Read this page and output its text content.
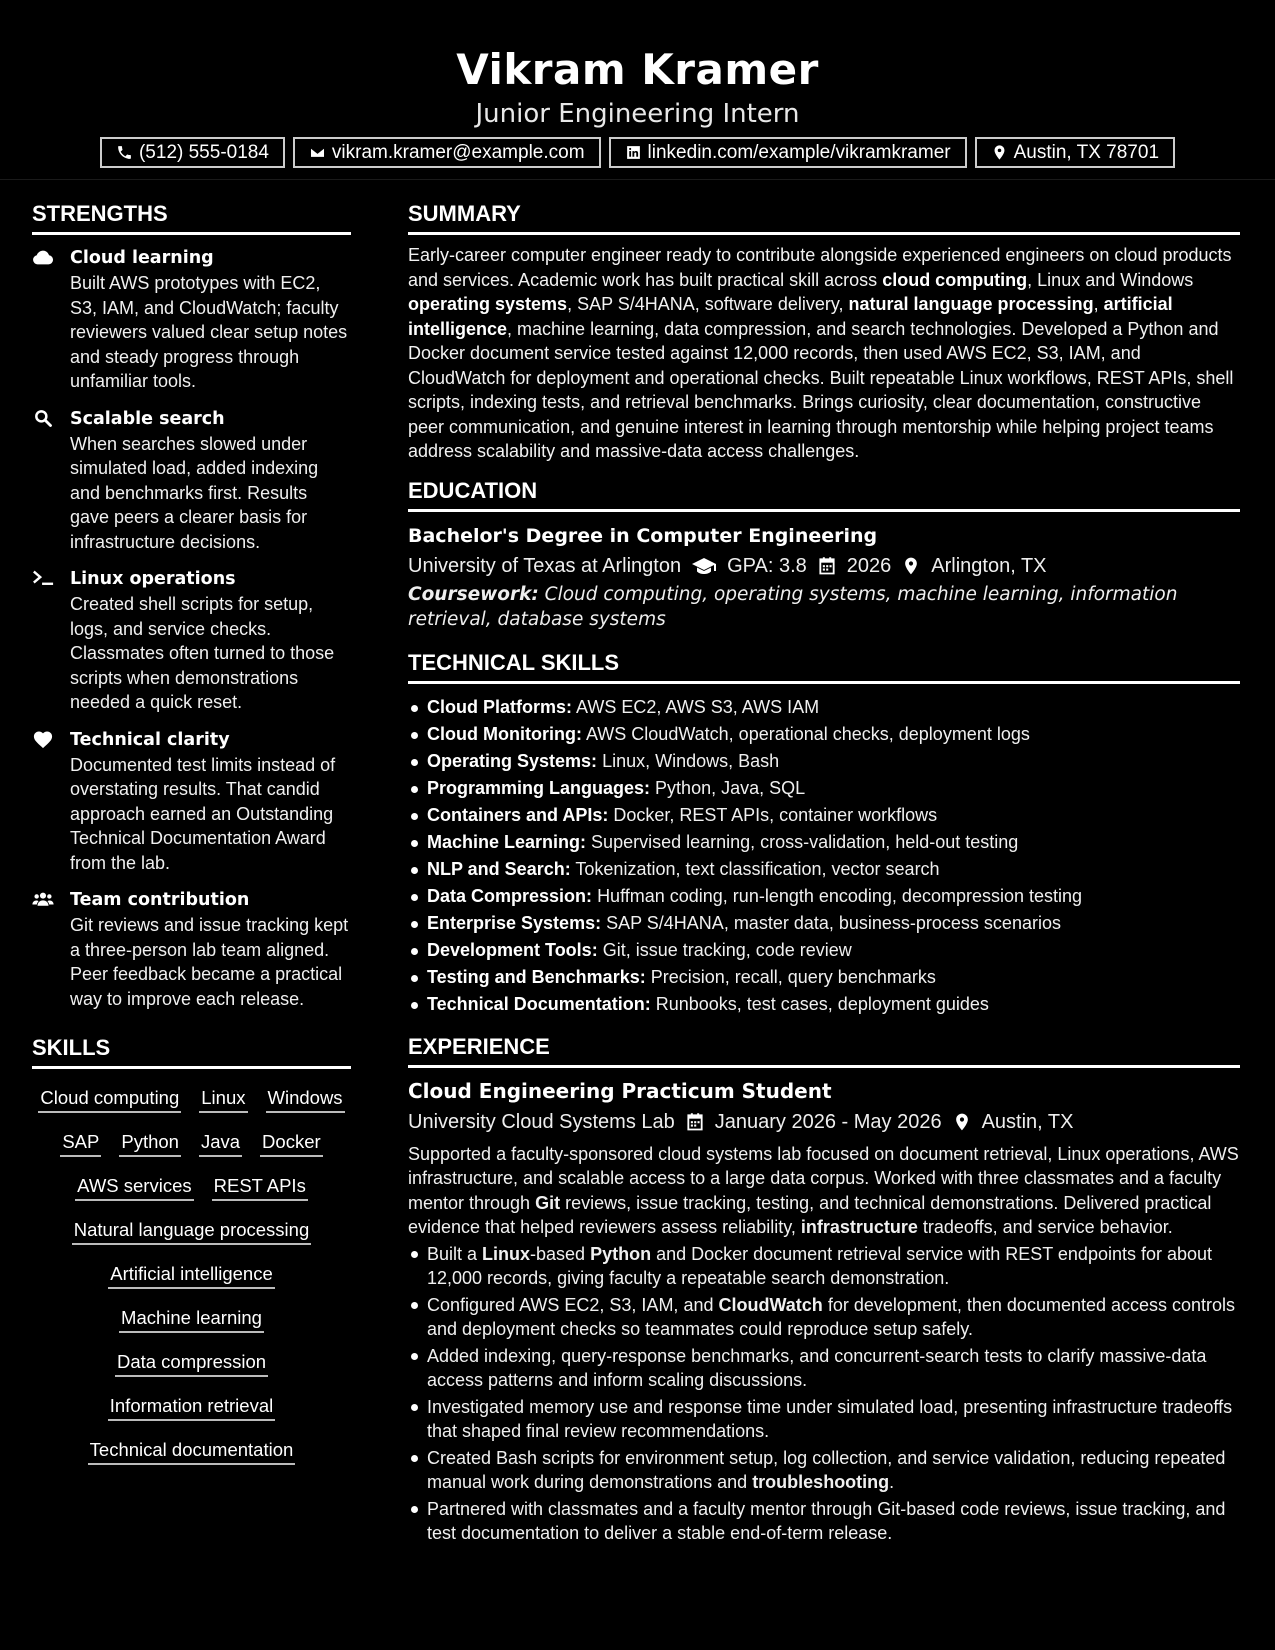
Vikram Kramer
Junior Engineering Intern
(512) 555-0184	vikram.kramer@example.com	linkedin.com/example/vikramkramer	Austin, TX 78701
STRENGTHS
Cloud learning
Built AWS prototypes with EC2, S3, IAM, and CloudWatch; faculty reviewers valued clear setup notes and steady progress through unfamiliar tools.
Scalable search
When searches slowed under simulated load, added indexing and benchmarks first. Results gave peers a clearer basis for infrastructure decisions.
Linux operations
Created shell scripts for setup, logs, and service checks. Classmates often turned to those scripts when demonstrations needed a quick reset.
Technical clarity
Documented test limits instead of overstating results. That candid approach earned an Outstanding Technical Documentation Award from the lab.
Team contribution
Git reviews and issue tracking kept a three-person lab team aligned. Peer feedback became a practical way to improve each release.
SKILLS
Cloud computing Linux Windows
SAP Python Java Docker
AWS services REST APIs
Natural language processing
Artificial intelligence
Machine learning
Data compression
Information retrieval
Technical documentation
SUMMARY

Early-career computer engineer ready to contribute alongside experienced engineers on cloud products and services. Academic work has built practical skill across cloud computing, Linux and Windows operating systems, SAP S/4HANA, software delivery, natural language processing, artificial intelligence, machine learning, data compression, and search technologies. Developed a Python and Docker document service tested against 12,000 records, then used AWS EC2, S3, IAM, and CloudWatch for deployment and operational checks. Built repeatable Linux workflows, REST APIs, shell scripts, indexing tests, and retrieval benchmarks. Brings curiosity, clear documentation, constructive peer communication, and genuine interest in learning through mentorship while helping project teams address scalability and massive-data access challenges.

EDUCATION
Bachelor's Degree in Computer Engineering
University of Texas at Arlington GPA: 3.8 2026 Arlington, TX

Coursework: Cloud computing, operating systems, machine learning, information retrieval, database systems

TECHNICAL SKILLS
Cloud Platforms: AWS EC2, AWS S3, AWS IAM
Cloud Monitoring: AWS CloudWatch, operational checks, deployment logs
Operating Systems: Linux, Windows, Bash
Programming Languages: Python, Java, SQL
Containers and APIs: Docker, REST APIs, container workflows
Machine Learning: Supervised learning, cross-validation, held-out testing
NLP and Search: Tokenization, text classification, vector search
Data Compression: Huffman coding, run-length encoding, decompression testing
Enterprise Systems: SAP S/4HANA, master data, business-process scenarios
Development Tools: Git, issue tracking, code review
Testing and Benchmarks: Precision, recall, query benchmarks
Technical Documentation: Runbooks, test cases, deployment guides
EXPERIENCE
Cloud Engineering Practicum Student
University Cloud Systems Lab January 2026 - May 2026 Austin, TX

Supported a faculty-sponsored cloud systems lab focused on document retrieval, Linux operations, AWS infrastructure, and scalable access to a large data corpus. Worked with three classmates and a faculty mentor through Git reviews, issue tracking, testing, and technical demonstrations. Delivered practical evidence that helped reviewers assess reliability, infrastructure tradeoffs, and service behavior.

Built a Linux-based Python and Docker document retrieval service with REST endpoints for about 12,000 records, giving faculty a repeatable search demonstration.
Configured AWS EC2, S3, IAM, and CloudWatch for development, then documented access controls and deployment checks so teammates could reproduce setup safely.
Added indexing, query-response benchmarks, and concurrent-search tests to clarify massive-data access patterns and inform scaling discussions.
Investigated memory use and response time under simulated load, presenting infrastructure tradeoffs that shaped final review recommendations.
Created Bash scripts for environment setup, log collection, and service validation, reducing repeated manual work during demonstrations and troubleshooting.
Partnered with classmates and a faculty mentor through Git-based code reviews, issue tracking, and test documentation to deliver a stable end-of-term release.
